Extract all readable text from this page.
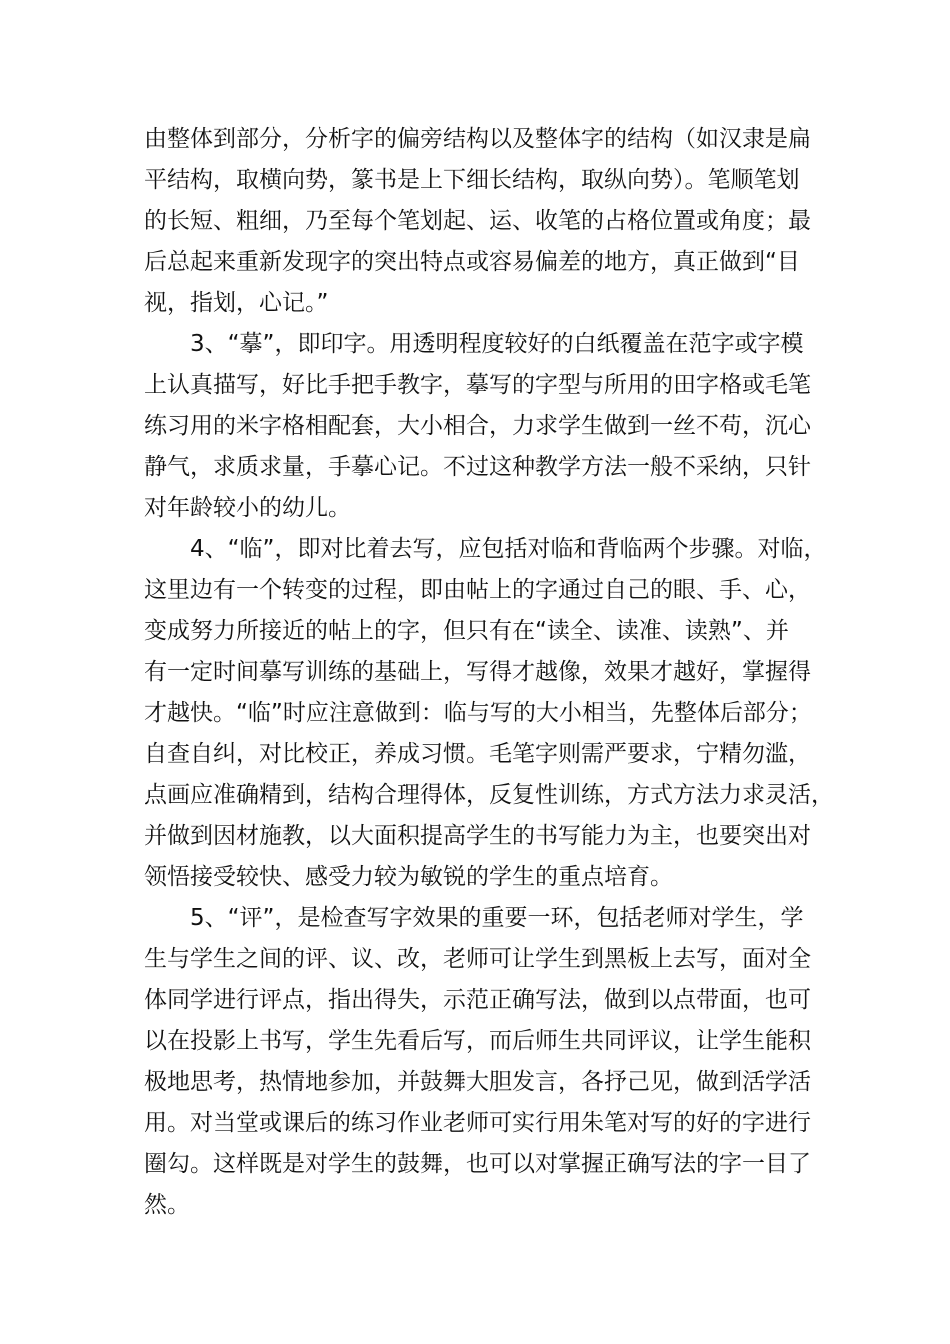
由整体到部分，分析字的偏旁结构以及整体字的结构（如汉隶是扁
平结构，取横向势，篆书是上下细长结构，取纵向势）。笔顺笔划
的长短、粗细，乃至每个笔划起、运、收笔的占格位置或角度；最
后总起来重新发现字的突出特点或容易偏差的地方，真正做到“目
视，指划，心记。”
3、“摹”，即印字。用透明程度较好的白纸覆盖在范字或字模
上认真描写，好比手把手教字，摹写的字型与所用的田字格或毛笔
练习用的米字格相配套，大小相合，力求学生做到一丝不苟，沉心
静气，求质求量，手摹心记。不过这种教学方法一般不采纳，只针
对年龄较小的幼儿。
4、“临”，即对比着去写，应包括对临和背临两个步骤。对临，
这里边有一个转变的过程，即由帖上的字通过自己的眼、手、心，
变成努力所接近的帖上的字，但只有在“读全、读准、读熟”、并
有一定时间摹写训练的基础上，写得才越像，效果才越好，掌握得
才越快。“临”时应注意做到：临与写的大小相当，先整体后部分；
自查自纠，对比校正，养成习惯。毛笔字则需严要求，宁精勿滥，
点画应准确精到，结构合理得体，反复性训练，方式方法力求灵活，
并做到因材施教，以大面积提高学生的书写能力为主，也要突出对
领悟接受较快、感受力较为敏锐的学生的重点培育。
5、“评”，是检查写字效果的重要一环，包括老师对学生，学
生与学生之间的评、议、改，老师可让学生到黑板上去写，面对全
体同学进行评点，指出得失，示范正确写法，做到以点带面，也可
以在投影上书写，学生先看后写，而后师生共同评议，让学生能积
极地思考，热情地参加，并鼓舞大胆发言，各抒己见，做到活学活
用。对当堂或课后的练习作业老师可实行用朱笔对写的好的字进行
圈勾。这样既是对学生的鼓舞，也可以对掌握正确写法的字一目了
然。
